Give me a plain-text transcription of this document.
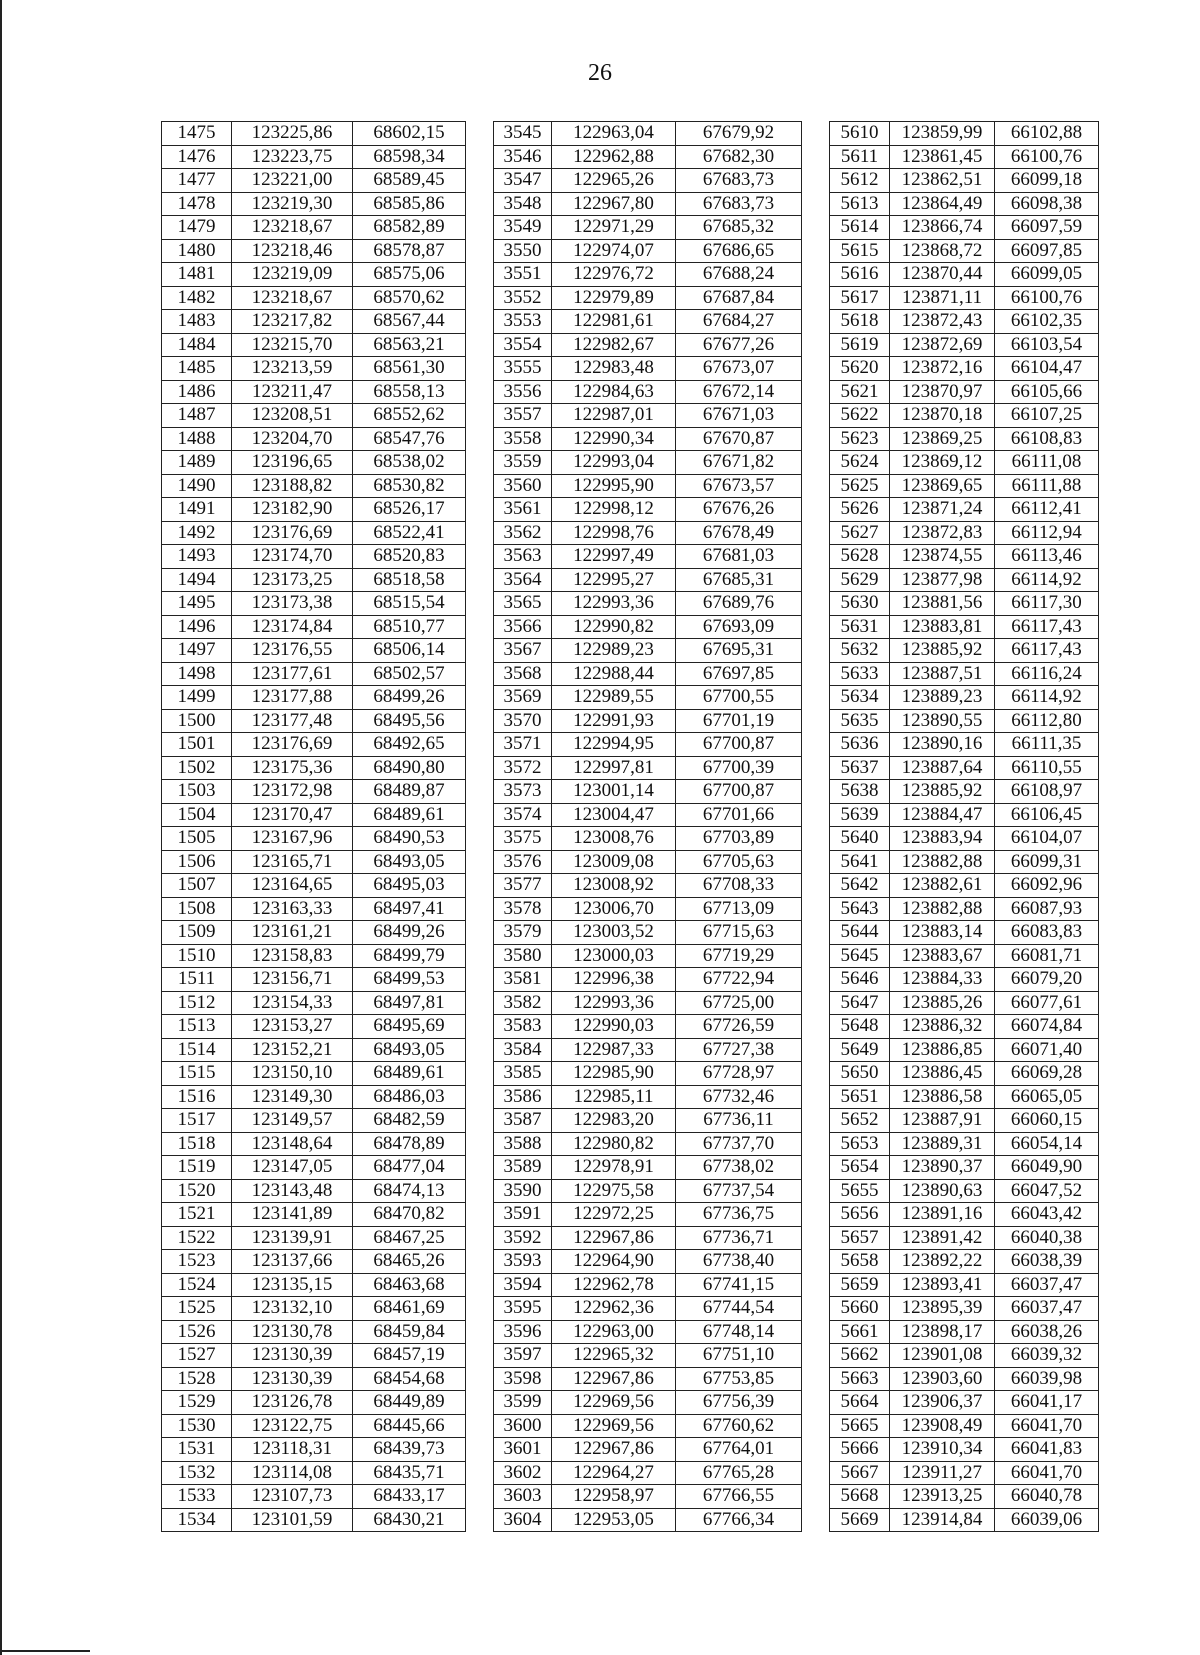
26
1475	123225,86	68602,15		3545	122963,04	67679,92		5610	123859,99	66102,88
1476	123223,75	68598,34		3546	122962,88	67682,30		5611	123861,45	66100,76
1477	123221,00	68589,45		3547	122965,26	67683,73		5612	123862,51	66099,18
1478	123219,30	68585,86		3548	122967,80	67683,73		5613	123864,49	66098,38
1479	123218,67	68582,89		3549	122971,29	67685,32		5614	123866,74	66097,59
1480	123218,46	68578,87		3550	122974,07	67686,65		5615	123868,72	66097,85
1481	123219,09	68575,06		3551	122976,72	67688,24		5616	123870,44	66099,05
1482	123218,67	68570,62		3552	122979,89	67687,84		5617	123871,11	66100,76
1483	123217,82	68567,44		3553	122981,61	67684,27		5618	123872,43	66102,35
1484	123215,70	68563,21		3554	122982,67	67677,26		5619	123872,69	66103,54
1485	123213,59	68561,30		3555	122983,48	67673,07		5620	123872,16	66104,47
1486	123211,47	68558,13		3556	122984,63	67672,14		5621	123870,97	66105,66
1487	123208,51	68552,62		3557	122987,01	67671,03		5622	123870,18	66107,25
1488	123204,70	68547,76		3558	122990,34	67670,87		5623	123869,25	66108,83
1489	123196,65	68538,02		3559	122993,04	67671,82		5624	123869,12	66111,08
1490	123188,82	68530,82		3560	122995,90	67673,57		5625	123869,65	66111,88
1491	123182,90	68526,17		3561	122998,12	67676,26		5626	123871,24	66112,41
1492	123176,69	68522,41		3562	122998,76	67678,49		5627	123872,83	66112,94
1493	123174,70	68520,83		3563	122997,49	67681,03		5628	123874,55	66113,46
1494	123173,25	68518,58		3564	122995,27	67685,31		5629	123877,98	66114,92
1495	123173,38	68515,54		3565	122993,36	67689,76		5630	123881,56	66117,30
1496	123174,84	68510,77		3566	122990,82	67693,09		5631	123883,81	66117,43
1497	123176,55	68506,14		3567	122989,23	67695,31		5632	123885,92	66117,43
1498	123177,61	68502,57		3568	122988,44	67697,85		5633	123887,51	66116,24
1499	123177,88	68499,26		3569	122989,55	67700,55		5634	123889,23	66114,92
1500	123177,48	68495,56		3570	122991,93	67701,19		5635	123890,55	66112,80
1501	123176,69	68492,65		3571	122994,95	67700,87		5636	123890,16	66111,35
1502	123175,36	68490,80		3572	122997,81	67700,39		5637	123887,64	66110,55
1503	123172,98	68489,87		3573	123001,14	67700,87		5638	123885,92	66108,97
1504	123170,47	68489,61		3574	123004,47	67701,66		5639	123884,47	66106,45
1505	123167,96	68490,53		3575	123008,76	67703,89		5640	123883,94	66104,07
1506	123165,71	68493,05		3576	123009,08	67705,63		5641	123882,88	66099,31
1507	123164,65	68495,03		3577	123008,92	67708,33		5642	123882,61	66092,96
1508	123163,33	68497,41		3578	123006,70	67713,09		5643	123882,88	66087,93
1509	123161,21	68499,26		3579	123003,52	67715,63		5644	123883,14	66083,83
1510	123158,83	68499,79		3580	123000,03	67719,29		5645	123883,67	66081,71
1511	123156,71	68499,53		3581	122996,38	67722,94		5646	123884,33	66079,20
1512	123154,33	68497,81		3582	122993,36	67725,00		5647	123885,26	66077,61
1513	123153,27	68495,69		3583	122990,03	67726,59		5648	123886,32	66074,84
1514	123152,21	68493,05		3584	122987,33	67727,38		5649	123886,85	66071,40
1515	123150,10	68489,61		3585	122985,90	67728,97		5650	123886,45	66069,28
1516	123149,30	68486,03		3586	122985,11	67732,46		5651	123886,58	66065,05
1517	123149,57	68482,59		3587	122983,20	67736,11		5652	123887,91	66060,15
1518	123148,64	68478,89		3588	122980,82	67737,70		5653	123889,31	66054,14
1519	123147,05	68477,04		3589	122978,91	67738,02		5654	123890,37	66049,90
1520	123143,48	68474,13		3590	122975,58	67737,54		5655	123890,63	66047,52
1521	123141,89	68470,82		3591	122972,25	67736,75		5656	123891,16	66043,42
1522	123139,91	68467,25		3592	122967,86	67736,71		5657	123891,42	66040,38
1523	123137,66	68465,26		3593	122964,90	67738,40		5658	123892,22	66038,39
1524	123135,15	68463,68		3594	122962,78	67741,15		5659	123893,41	66037,47
1525	123132,10	68461,69		3595	122962,36	67744,54		5660	123895,39	66037,47
1526	123130,78	68459,84		3596	122963,00	67748,14		5661	123898,17	66038,26
1527	123130,39	68457,19		3597	122965,32	67751,10		5662	123901,08	66039,32
1528	123130,39	68454,68		3598	122967,86	67753,85		5663	123903,60	66039,98
1529	123126,78	68449,89		3599	122969,56	67756,39		5664	123906,37	66041,17
1530	123122,75	68445,66		3600	122969,56	67760,62		5665	123908,49	66041,70
1531	123118,31	68439,73		3601	122967,86	67764,01		5666	123910,34	66041,83
1532	123114,08	68435,71		3602	122964,27	67765,28		5667	123911,27	66041,70
1533	123107,73	68433,17		3603	122958,97	67766,55		5668	123913,25	66040,78
1534	123101,59	68430,21		3604	122953,05	67766,34		5669	123914,84	66039,06
